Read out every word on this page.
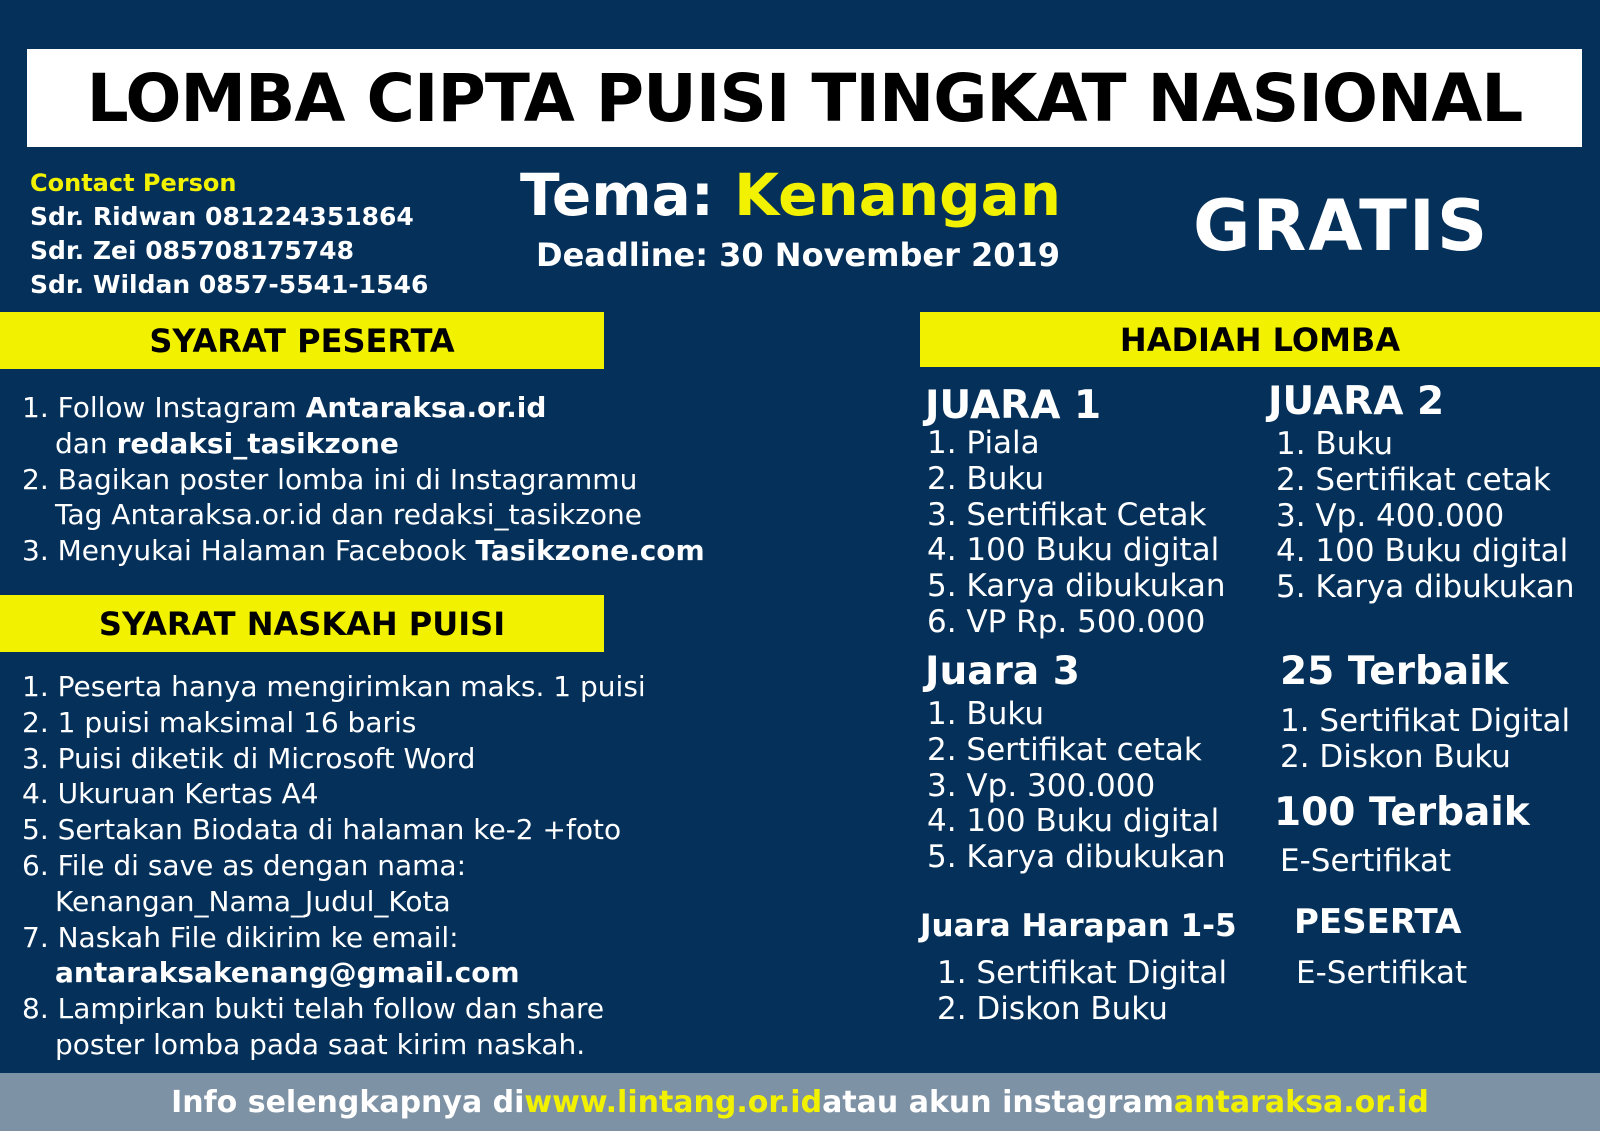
LOMBA CIPTA PUISI TINGKAT NASIONAL
Contact Person
Sdr. Ridwan 081224351864
Sdr. Zei 085708175748
Sdr. Wildan 0857-5541-1546
Tema: Kenangan
Deadline: 30 November 2019 GRATIS
SYARAT PESERTA
1. Follow Instagram Antaraksa.or.id
dan redaksi_tasikzone
2. Bagikan poster lomba ini di Instagrammu
Tag Antaraksa.or.id dan redaksi_tasikzone
3. Menyukai Halaman Facebook Tasikzone.com
SYARAT NASKAH PUISI
1. Peserta hanya mengirimkan maks. 1 puisi
2. 1 puisi maksimal 16 baris
3. Puisi diketik di Microsoft Word
4. Ukuruan Kertas A4
5. Sertakan Biodata di halaman ke-2 +foto
6. File di save as dengan nama:
Kenangan_Nama_Judul_Kota
7. Naskah File dikirim ke email:
antaraksakenang@gmail.com
8. Lampirkan bukti telah follow dan share
poster lomba pada saat kirim naskah.
HADIAH LOMBA
JUARA 1
1. Piala
2. Buku
3. Sertifikat Cetak
4. 100 Buku digital
5. Karya dibukukan
6. VP Rp. 500.000
JUARA 2
1. Buku
2. Sertifikat cetak
3. Vp. 400.000
4. 100 Buku digital
5. Karya dibukukan
Juara 3
1. Buku
2. Sertifikat cetak
3. Vp. 300.000
4. 100 Buku digital
5. Karya dibukukan
25 Terbaik
1. Sertifikat Digital
2. Diskon Buku
100 Terbaik
E-Sertifikat
Juara Harapan 1-5
1. Sertifikat Digital
2. Diskon Buku
PESERTA
E-Sertifikat
Info selengkapnya di www.lintang.or.id atau akun instagram antaraksa.or.id
